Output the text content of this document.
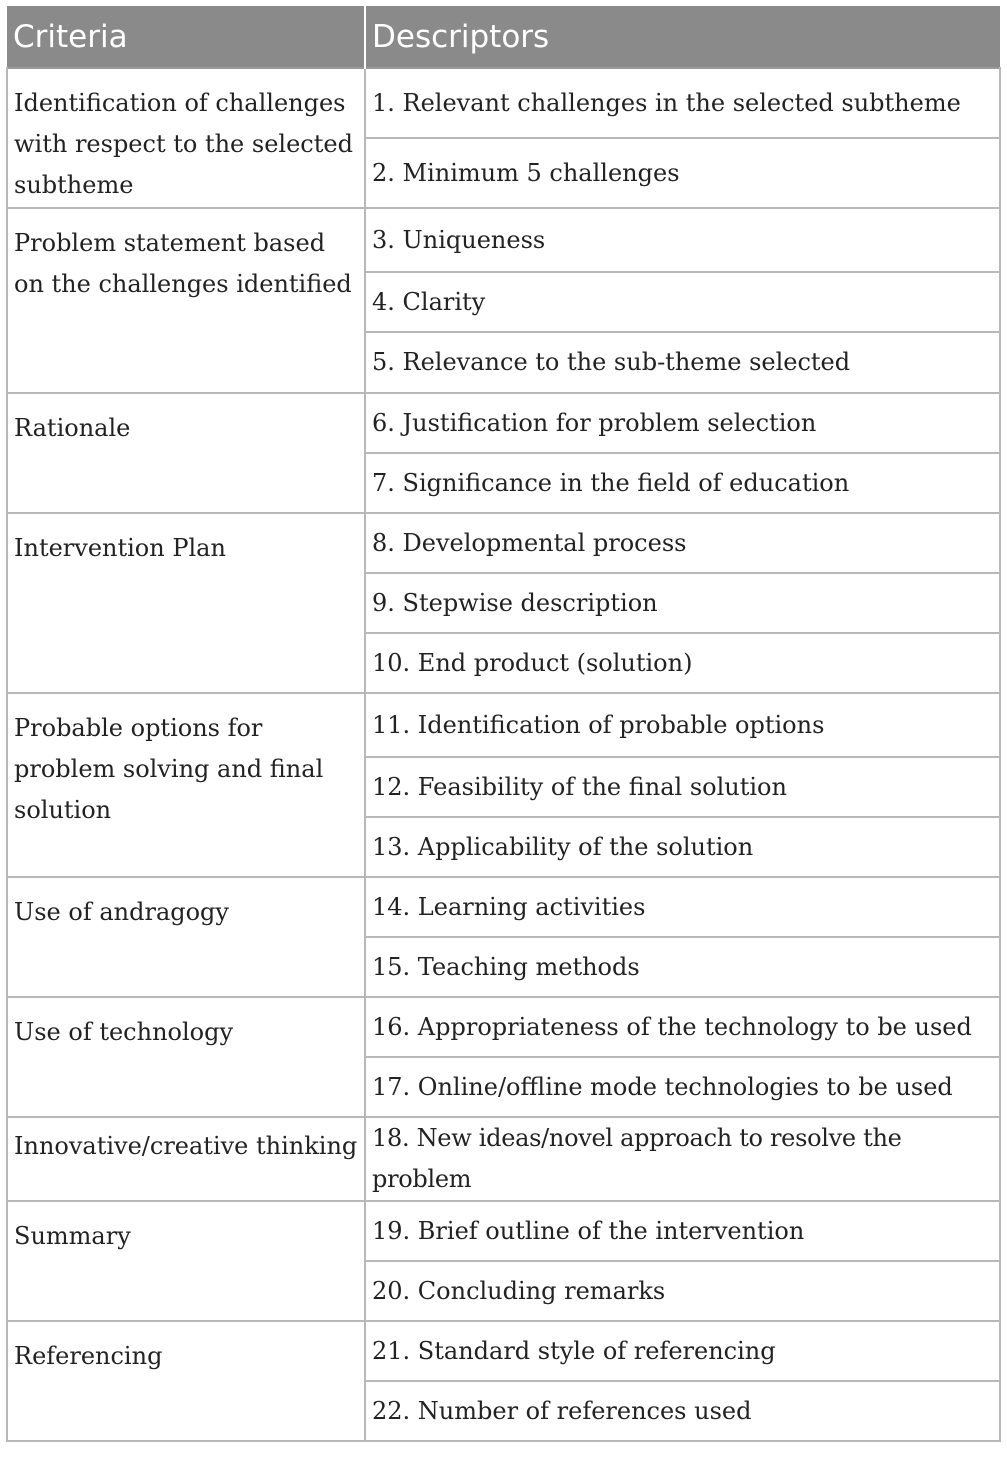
Criteria	Descriptors
Identification of challenges with respect to the selected subtheme	1. Relevant challenges in the selected subtheme
	2. Minimum 5 challenges
Problem statement based on the challenges identified	3. Uniqueness
	4. Clarity
	5. Relevance to the sub-theme selected
Rationale	6. Justification for problem selection
	7. Significance in the field of education
Intervention Plan	8. Developmental process
	9. Stepwise description
	10. End product (solution)
Probable options for problem solving and final solution	11. Identification of probable options
	12. Feasibility of the final solution
	13. Applicability of the solution
Use of andragogy	14. Learning activities
	15. Teaching methods
Use of technology	16. Appropriateness of the technology to be used
	17. Online/offline mode technologies to be used
Innovative/creative thinking	18. New ideas/novel approach to resolve the problem
Summary	19. Brief outline of the intervention
	20. Concluding remarks
Referencing	21. Standard style of referencing
	22. Number of references used
